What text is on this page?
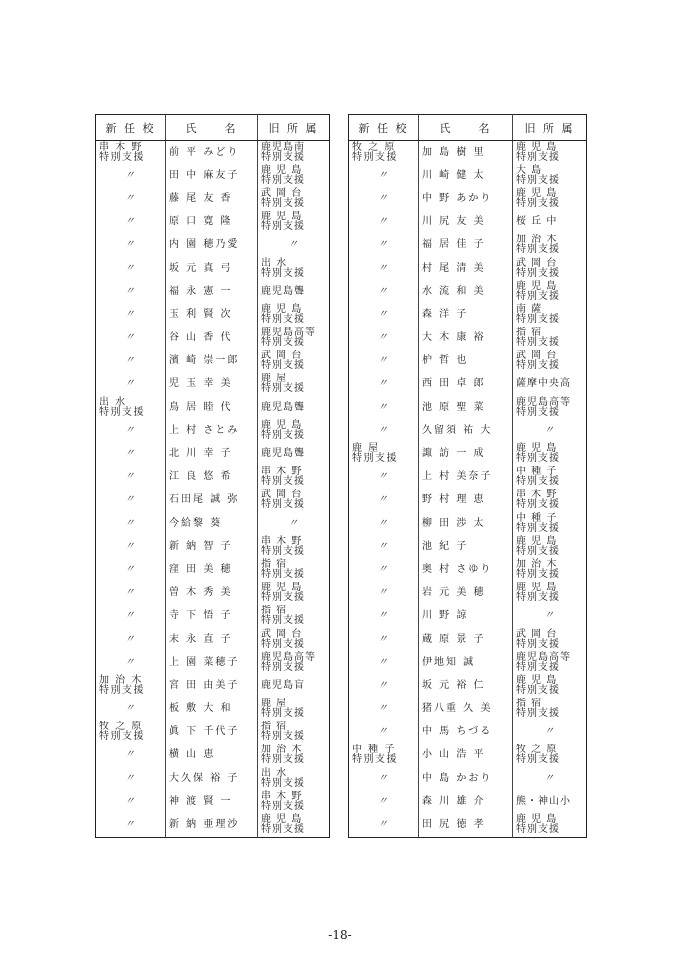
新 任 校	氏　　名	旧 所 属
串 木 野
特別支援	前 平 みどり	鹿児島南
特別支援
〃	田 中 麻友子	鹿 児 島
特別支援
〃	藤 尾 友 香	武 岡 台
特別支援
〃	原 口 寛 隆	鹿 児 島
特別支援
〃	内 園 穂乃愛	〃
〃	坂 元 真 弓	出 水
特別支援
〃	福 永 憲 一	鹿児島聾
〃	玉 利 賢 次	鹿 児 島
特別支援
〃	谷 山 香 代	鹿児島高等
特別支援
〃	濱 崎 崇一郎	武 岡 台
特別支援
〃	児 玉 幸 美	鹿 屋
特別支援
出 水
特別支援	鳥 居 睦 代	鹿児島聾
〃	上 村 さとみ	鹿 児 島
特別支援
〃	北 川 幸 子	鹿児島聾
〃	江 良 悠 希	串 木 野
特別支援
〃	石田尾 誠 弥	武 岡 台
特別支援
〃	今給黎 葵	〃
〃	新 納 智 子	串 木 野
特別支援
〃	窪 田 美 穂	指 宿
特別支援
〃	曽 木 秀 美	鹿 児 島
特別支援
〃	寺 下 悟 子	指 宿
特別支援
〃	末 永 直 子	武 岡 台
特別支援
〃	上 園 菜穂子	鹿児島高等
特別支援
加 治 木
特別支援	宮 田 由美子	鹿児島盲
〃	板 敷 大 和	鹿 屋
特別支援
牧 之 原
特別支援	眞 下 千代子	指 宿
特別支援
〃	横 山 恵	加 治 木
特別支援
〃	大久保 裕 子	出 水
特別支援
〃	神 渡 賢 一	串 木 野
特別支援
〃	新 納 亜理沙	鹿 児 島
特別支援
新 任 校	氏　　名	旧 所 属
牧 之 原
特別支援	加 島 樹 里	鹿 児 島
特別支援
〃	川 崎 健 太	大 島
特別支援
〃	中 野 あかり	鹿 児 島
特別支援
〃	川 尻 友 美	桜 丘 中
〃	福 居 佳 子	加 治 木
特別支援
〃	村 尾 清 美	武 岡 台
特別支援
〃	水 流 和 美	鹿 児 島
特別支援
〃	森 洋 子	南 薩
特別支援
〃	大 木 康 裕	指 宿
特別支援
〃	枦 哲 也	武 岡 台
特別支援
〃	西 田 卓 郎	薩摩中央高
〃	池 原 聖 菜	鹿児島高等
特別支援
〃	久留須 祐 大	〃
鹿 屋
特別支援	諏 訪 一 成	鹿 児 島
特別支援
〃	上 村 美奈子	中 種 子
特別支援
〃	野 村 理 恵	串 木 野
特別支援
〃	柳 田 渉 太	中 種 子
特別支援
〃	池 紀 子	鹿 児 島
特別支援
〃	奥 村 さゆり	加 治 木
特別支援
〃	岩 元 美 穂	鹿 児 島
特別支援
〃	川 野 諒	〃
〃	蔵 原 景 子	武 岡 台
特別支援
〃	伊地知 誠	鹿児島高等
特別支援
〃	坂 元 裕 仁	鹿 児 島
特別支援
〃	猪八重 久 美	指 宿
特別支援
〃	中 馬 ちづる	〃
中 種 子
特別支援	小 山 浩 平	牧 之 原
特別支援
〃	中 島 かおり	〃
〃	森 川 雄 介	熊・神山小
〃	田 尻 徳 孝	鹿 児 島
特別支援
-18-
